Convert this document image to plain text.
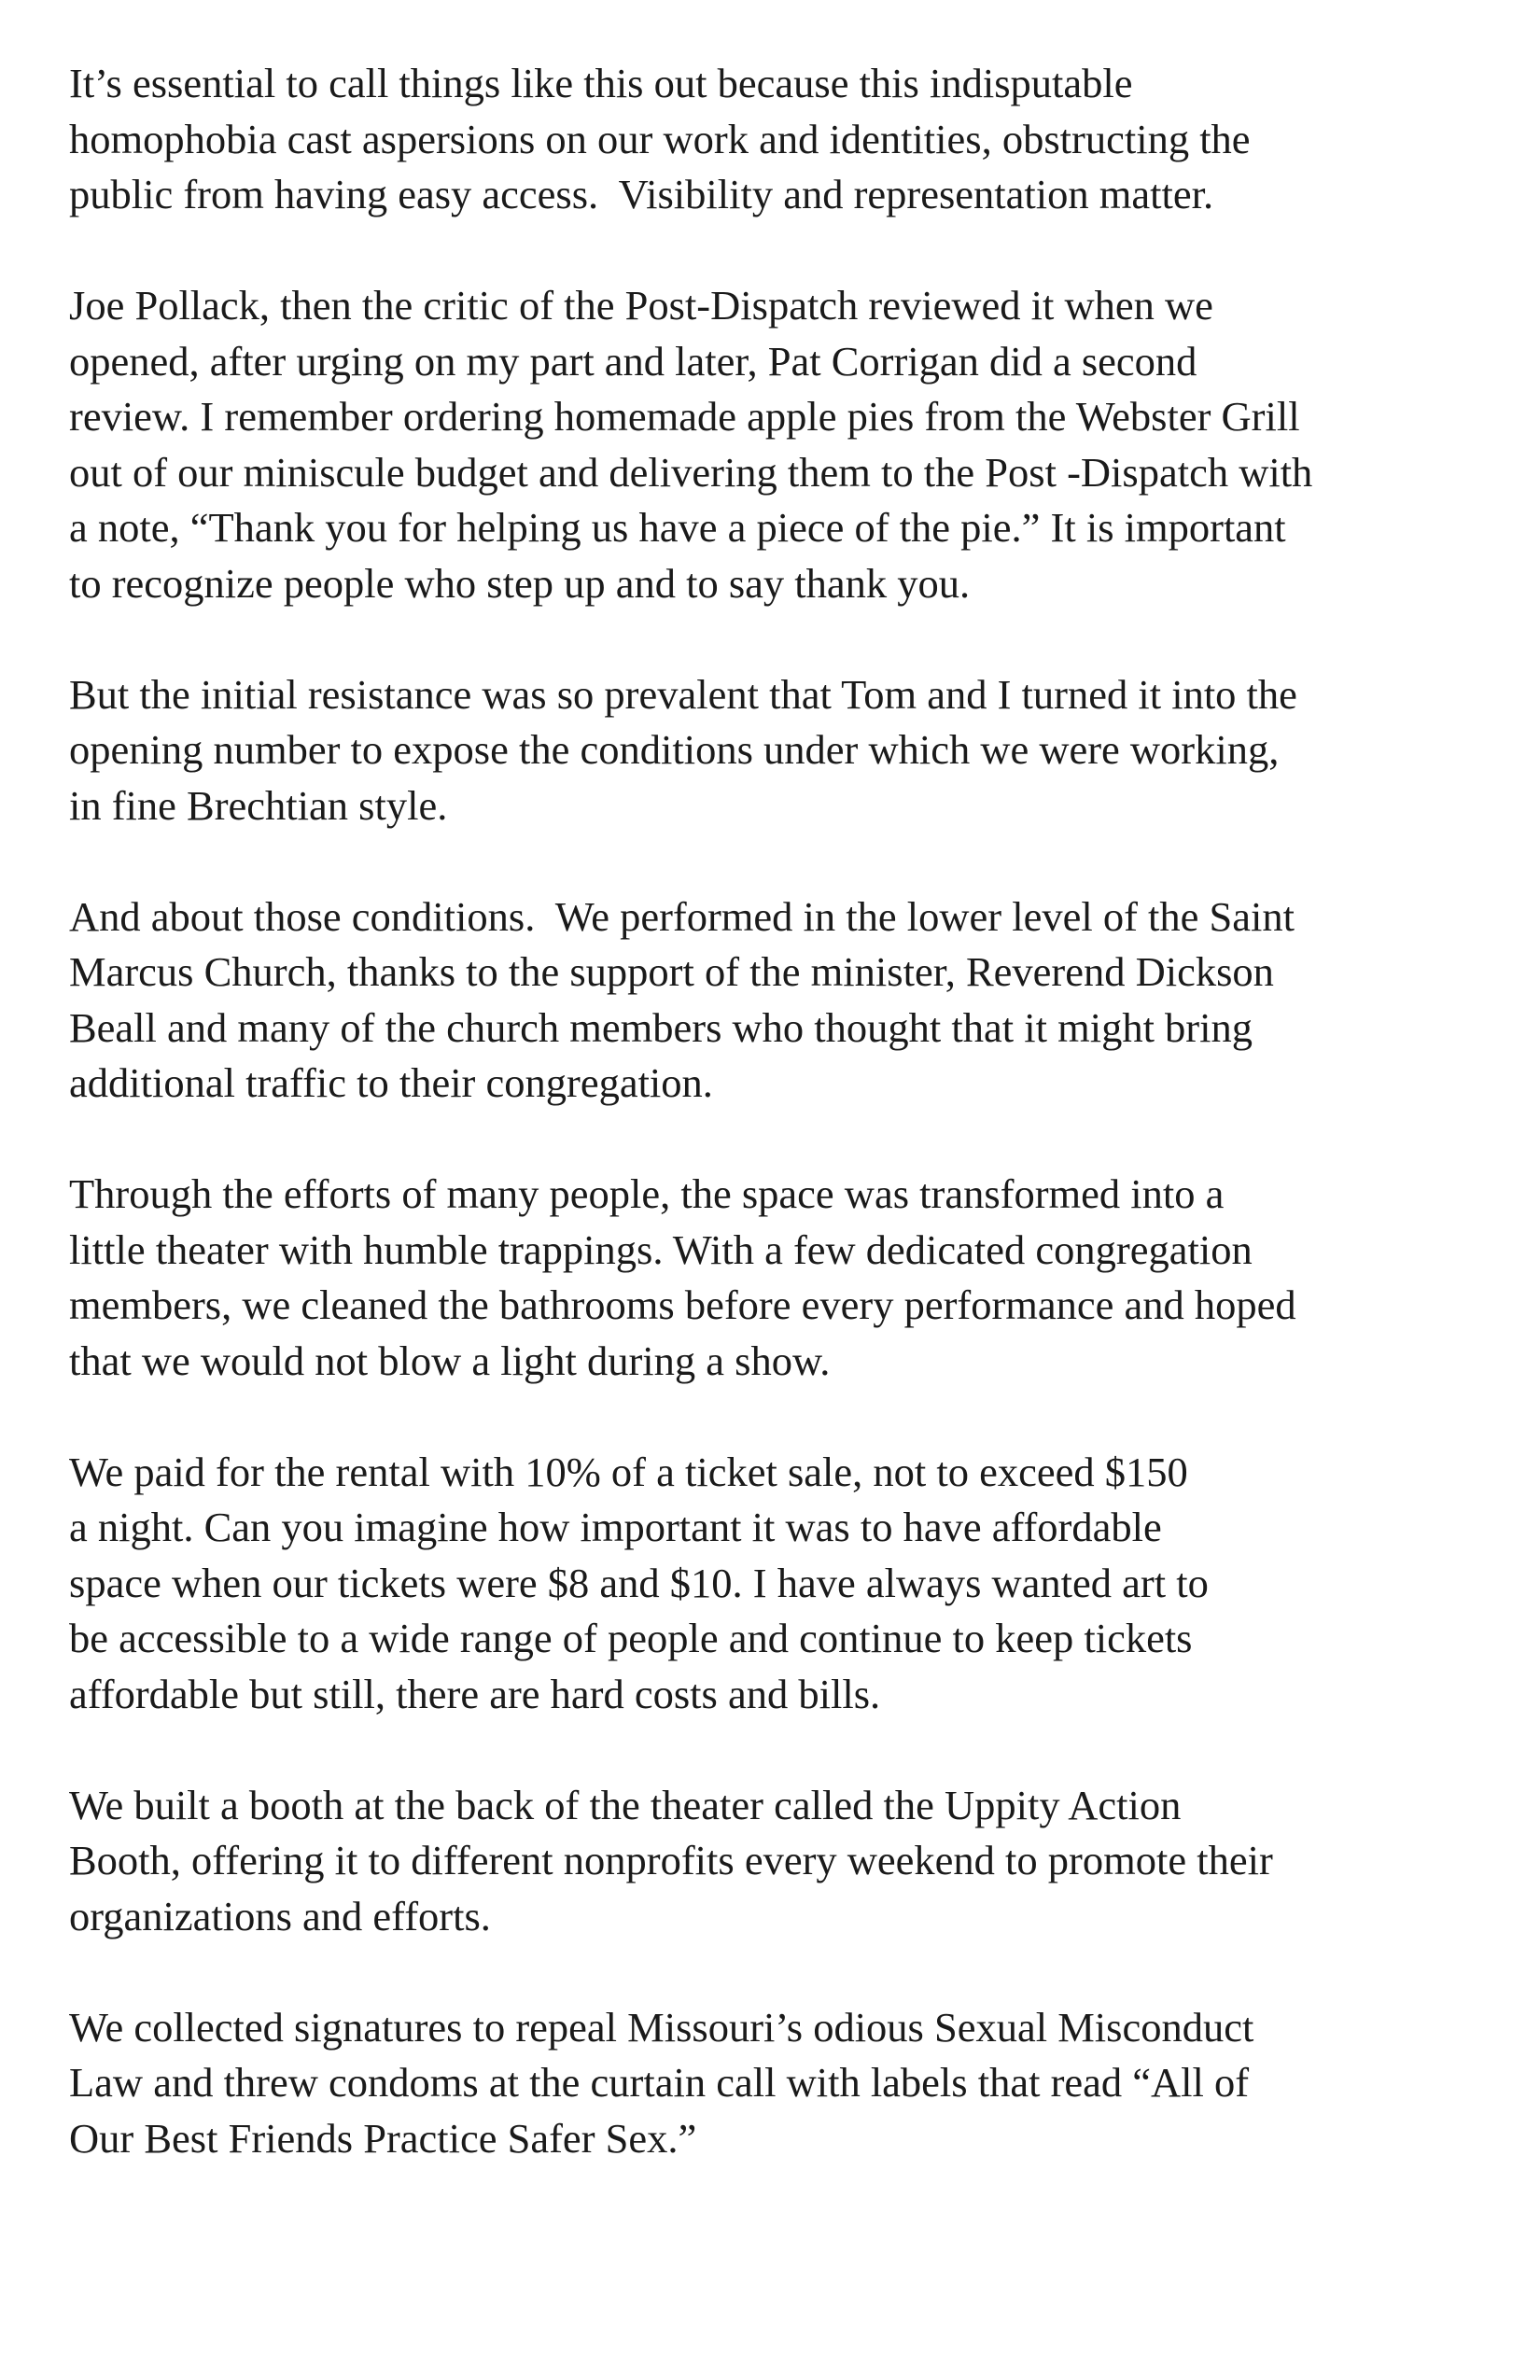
It’s essential to call things like this out because this indisputable
homophobia cast aspersions on our work and identities, obstructing the
public from having easy access.  Visibility and representation matter.

Joe Pollack, then the critic of the Post-Dispatch reviewed it when we
opened, after urging on my part and later, Pat Corrigan did a second
review. I remember ordering homemade apple pies from the Webster Grill
out of our miniscule budget and delivering them to the Post -Dispatch with
a note, “Thank you for helping us have a piece of the pie.” It is important
to recognize people who step up and to say thank you.

But the initial resistance was so prevalent that Tom and I turned it into the
opening number to expose the conditions under which we were working,
in fine Brechtian style.

And about those conditions.  We performed in the lower level of the Saint
Marcus Church, thanks to the support of the minister, Reverend Dickson
Beall and many of the church members who thought that it might bring
additional traffic to their congregation.

Through the efforts of many people, the space was transformed into a
little theater with humble trappings. With a few dedicated congregation
members, we cleaned the bathrooms before every performance and hoped
that we would not blow a light during a show.

We paid for the rental with 10% of a ticket sale, not to exceed $150
a night. Can you imagine how important it was to have affordable
space when our tickets were $8 and $10. I have always wanted art to
be accessible to a wide range of people and continue to keep tickets
affordable but still, there are hard costs and bills.

We built a booth at the back of the theater called the Uppity Action
Booth, offering it to different nonprofits every weekend to promote their
organizations and efforts.

We collected signatures to repeal Missouri’s odious Sexual Misconduct
Law and threw condoms at the curtain call with labels that read “All of
Our Best Friends Practice Safer Sex.”
